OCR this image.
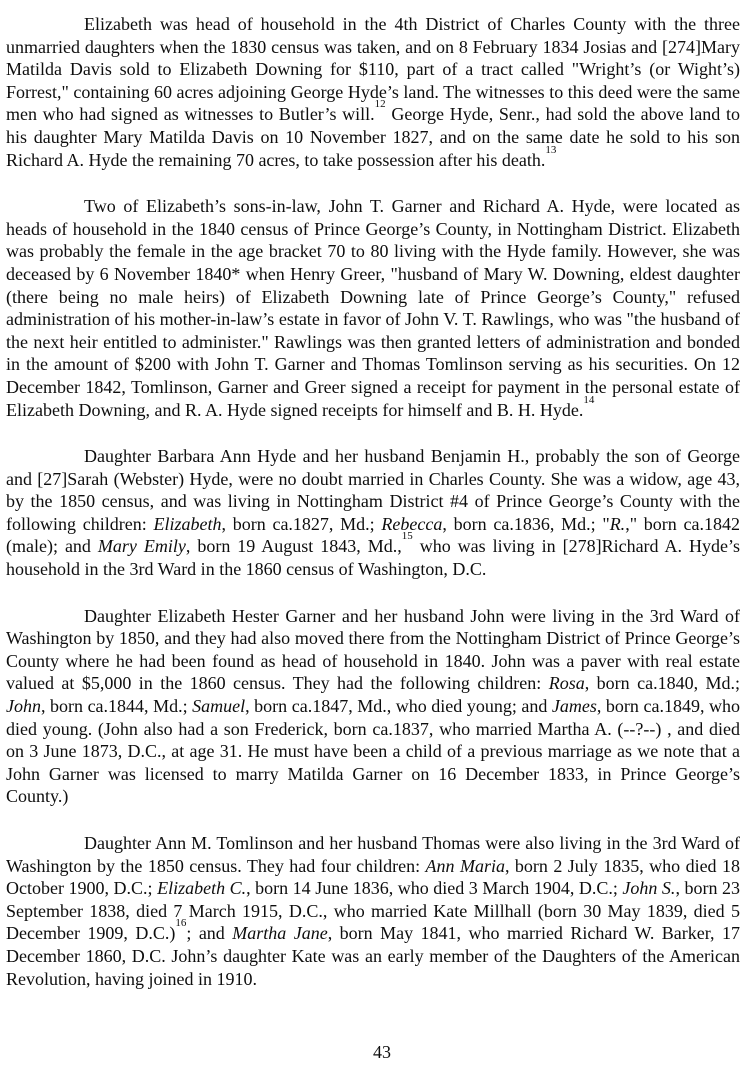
Elizabeth was head of household in the 4th District of Charles County with the three unmarried daughters when the 1830 census was taken, and on 8 February 1834 Josias and [274]Mary Matilda Davis sold to Elizabeth Downing for $110, part of a tract called "Wright’s (or Wight’s) Forrest," containing 60 acres adjoining George Hyde’s land. The witnesses to this deed were the same men who had signed as witnesses to Butler’s will.$^{12}$ George Hyde, Senr., had sold the above land to his daughter Mary Matilda Davis on 10 November 1827, and on the same date he sold to his son Richard A. Hyde the remaining 70 acres, to take possession after his death.$^{13}$

Two of Elizabeth’s sons-in-law, John T. Garner and Richard A. Hyde, were located as heads of household in the 1840 census of Prince George’s County, in Nottingham District. Elizabeth was probably the female in the age bracket 70 to 80 living with the Hyde family. However, she was deceased by 6 November 1840* when Henry Greer, "husband of Mary W. Downing, eldest daughter (there being no male heirs) of Elizabeth Downing late of Prince George’s County," refused administration of his mother-in-law’s estate in favor of John V. T. Rawlings, who was "the husband of the next heir entitled to administer." Rawlings was then granted letters of administration and bonded in the amount of $200 with John T. Garner and Thomas Tomlinson serving as his securities. On 12 December 1842, Tomlinson, Garner and Greer signed a receipt for payment in the personal estate of Elizabeth Downing, and R. A. Hyde signed receipts for himself and B. H. Hyde.$^{14}$

Daughter Barbara Ann Hyde and her husband Benjamin H., probably the son of George and [27]Sarah (Webster) Hyde, were no doubt married in Charles County. She was a widow, age 43, by the 1850 census, and was living in Nottingham District #4 of Prince George’s County with the following children: Elizabeth, born ca.1827, Md.; Rebecca, born ca.1836, Md.; "R.," born ca.1842 (male); and Mary Emily, born 19 August 1843, Md.,$^{15}$ who was living in [278]Richard A. Hyde’s household in the 3rd Ward in the 1860 census of Washington, D.C.

Daughter Elizabeth Hester Garner and her husband John were living in the 3rd Ward of Washington by 1850, and they had also moved there from the Nottingham District of Prince George’s County where he had been found as head of household in 1840. John was a paver with real estate valued at $5,000 in the 1860 census. They had the following children: Rosa, born ca.1840, Md.; John, born ca.1844, Md.; Samuel, born ca.1847, Md., who died young; and James, born ca.1849, who died young. (John also had a son Frederick, born ca.1837, who married Martha A. (--?--) , and died on 3 June 1873, D.C., at age 31. He must have been a child of a previous marriage as we note that a John Garner was licensed to marry Matilda Garner on 16 December 1833, in Prince George’s County.)

Daughter Ann M. Tomlinson and her husband Thomas were also living in the 3rd Ward of Washington by the 1850 census. They had four children: Ann Maria, born 2 July 1835, who died 18 October 1900, D.C.; Elizabeth C., born 14 June 1836, who died 3 March 1904, D.C.; John S., born 23 September 1838, died 7 March 1915, D.C., who married Kate Millhall (born 30 May 1839, died 5 December 1909, D.C.)$^{16}$; and Martha Jane, born May 1841, who married Richard W. Barker, 17 December 1860, D.C. John’s daughter Kate was an early member of the Daughters of the American Revolution, having joined in 1910.

43
